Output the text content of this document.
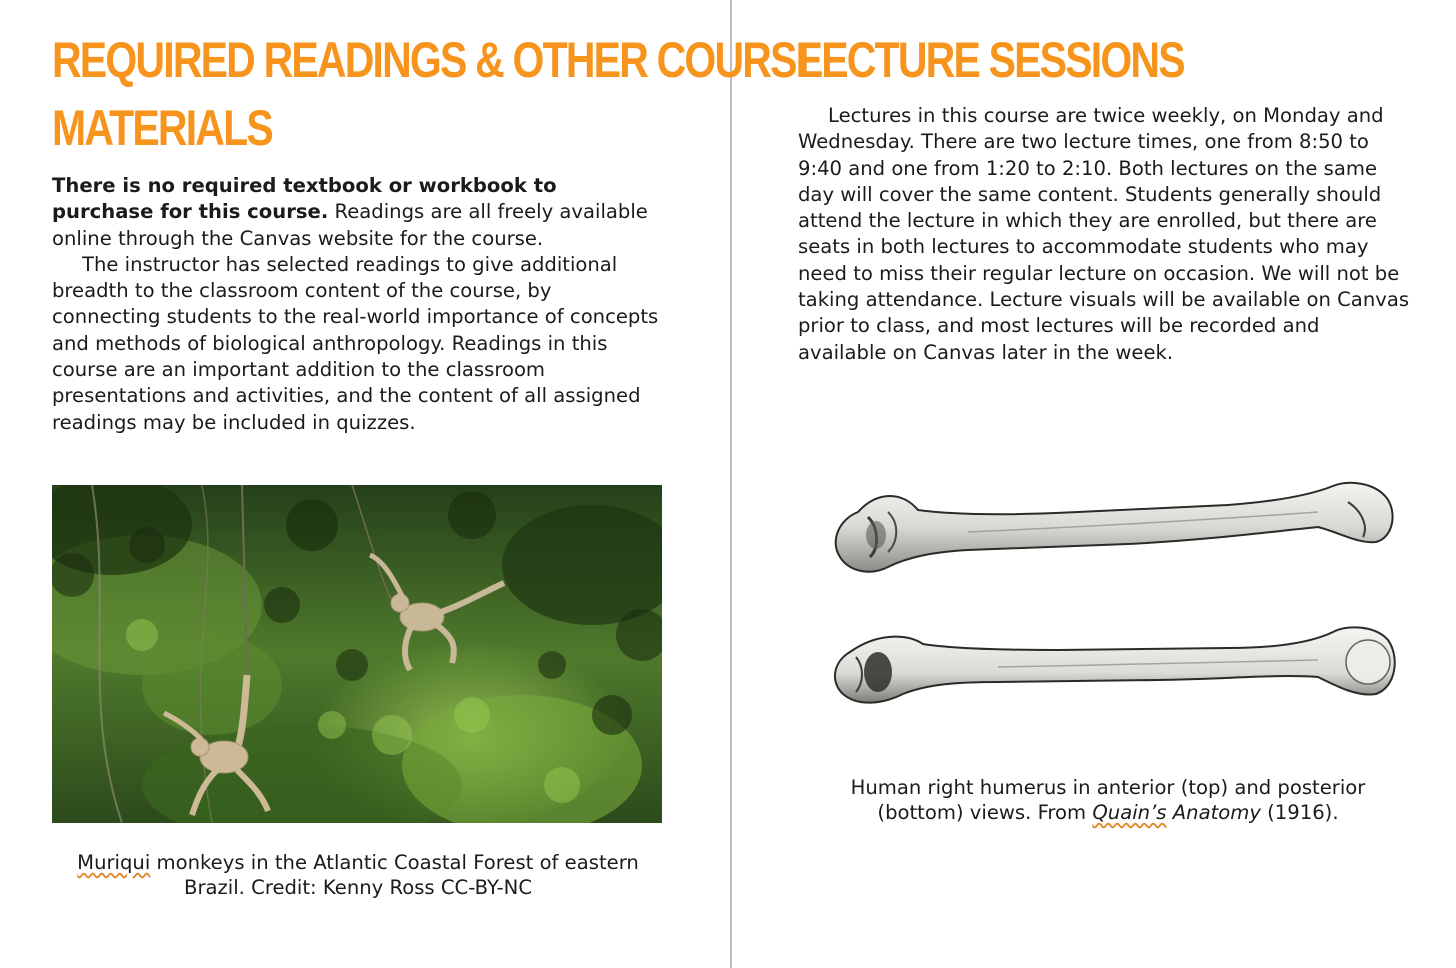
REQUIRED READINGS & OTHER COURSE
MATERIALS

There is no required textbook or workbook to purchase for this course. Readings are all freely available online through the Canvas website for the course.

The instructor has selected readings to give additional breadth to the classroom content of the course, by connecting students to the real-world importance of concepts and methods of biological anthropology. Readings in this course are an important addition to the classroom presentations and activities, and the content of all assigned readings may be included in quizzes.

Muriqui monkeys in the Atlantic Coastal Forest of eastern Brazil. Credit: Kenny Ross CC-BY-NC
LECTURE SESSIONS

Lectures in this course are twice weekly, on Monday and Wednesday. There are two lecture times, one from 8:50 to 9:40 and one from 1:20 to 2:10. Both lectures on the same day will cover the same content. Students generally should attend the lecture in which they are enrolled, but there are seats in both lectures to accommodate students who may need to miss their regular lecture on occasion. We will not be taking attendance. Lecture visuals will be available on Canvas prior to class, and most lectures will be recorded and available on Canvas later in the week.

Human right humerus in anterior (top) and posterior (bottom) views. From Quain’s Anatomy (1916).
